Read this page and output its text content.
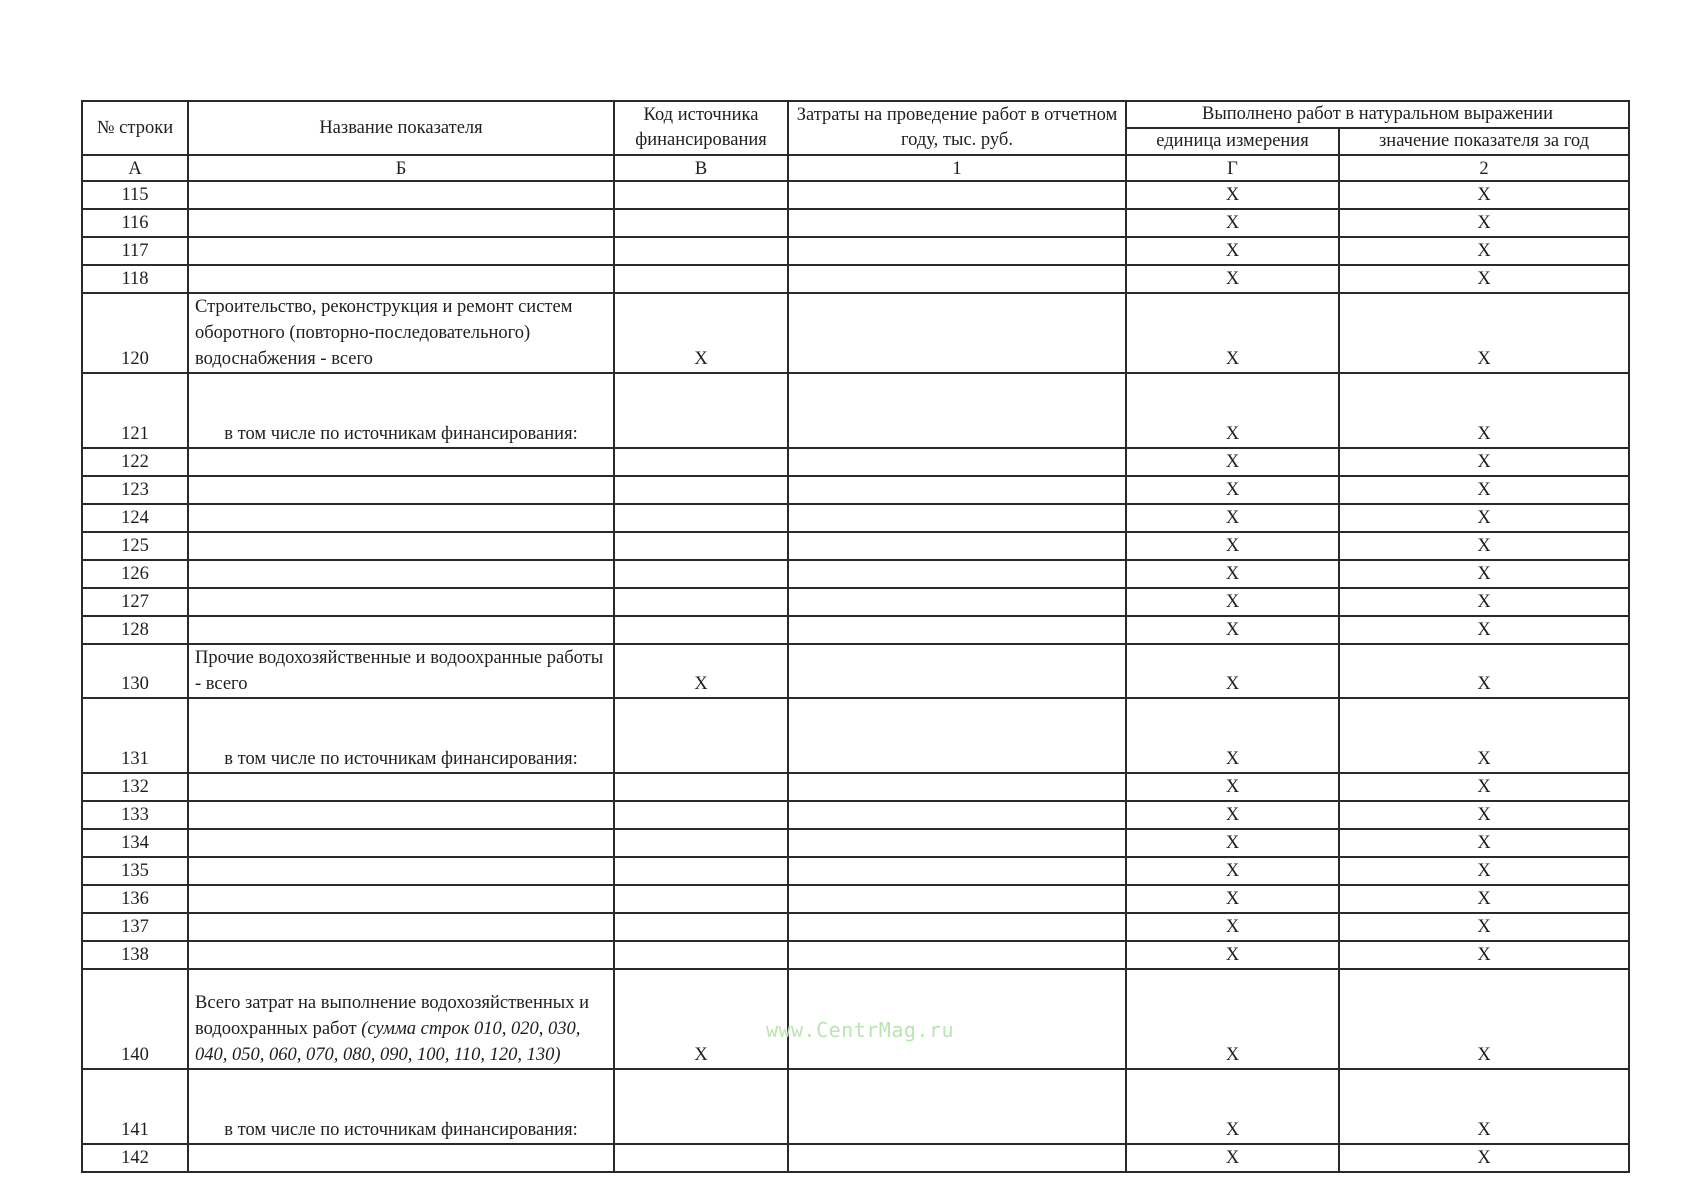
№ строки	Название показателя	Код источника финансирования	Затраты на проведение работ в отчетном году, тыс. руб.	Выполнено работ в натуральном выражении	
				единица измерения	значение показателя за год
А	Б	В	1	Г	2
115				X	X
116				X	X
117				X	X
118				X	X
120	Строительство, реконструкция и ремонт систем оборотного (повторно-последовательного) водоснабжения - всего	X		X	X
121	в том числе по источникам финансирования:			X	X
122				X	X
123				X	X
124				X	X
125				X	X
126				X	X
127				X	X
128				X	X
130	Прочие водохозяйственные и водоохранные работы - всего	X		X	X
131	в том числе по источникам финансирования:			X	X
132				X	X
133				X	X
134				X	X
135				X	X
136				X	X
137				X	X
138				X	X
140	Всего затрат на выполнение водохозяйственных и водоохранных работ (сумма строк 010, 020, 030, 040, 050, 060, 070, 080, 090, 100, 110, 120, 130)	X		X	X
141	в том числе по источникам финансирования:			X	X
142				X	X
www.CentrMag.ru
